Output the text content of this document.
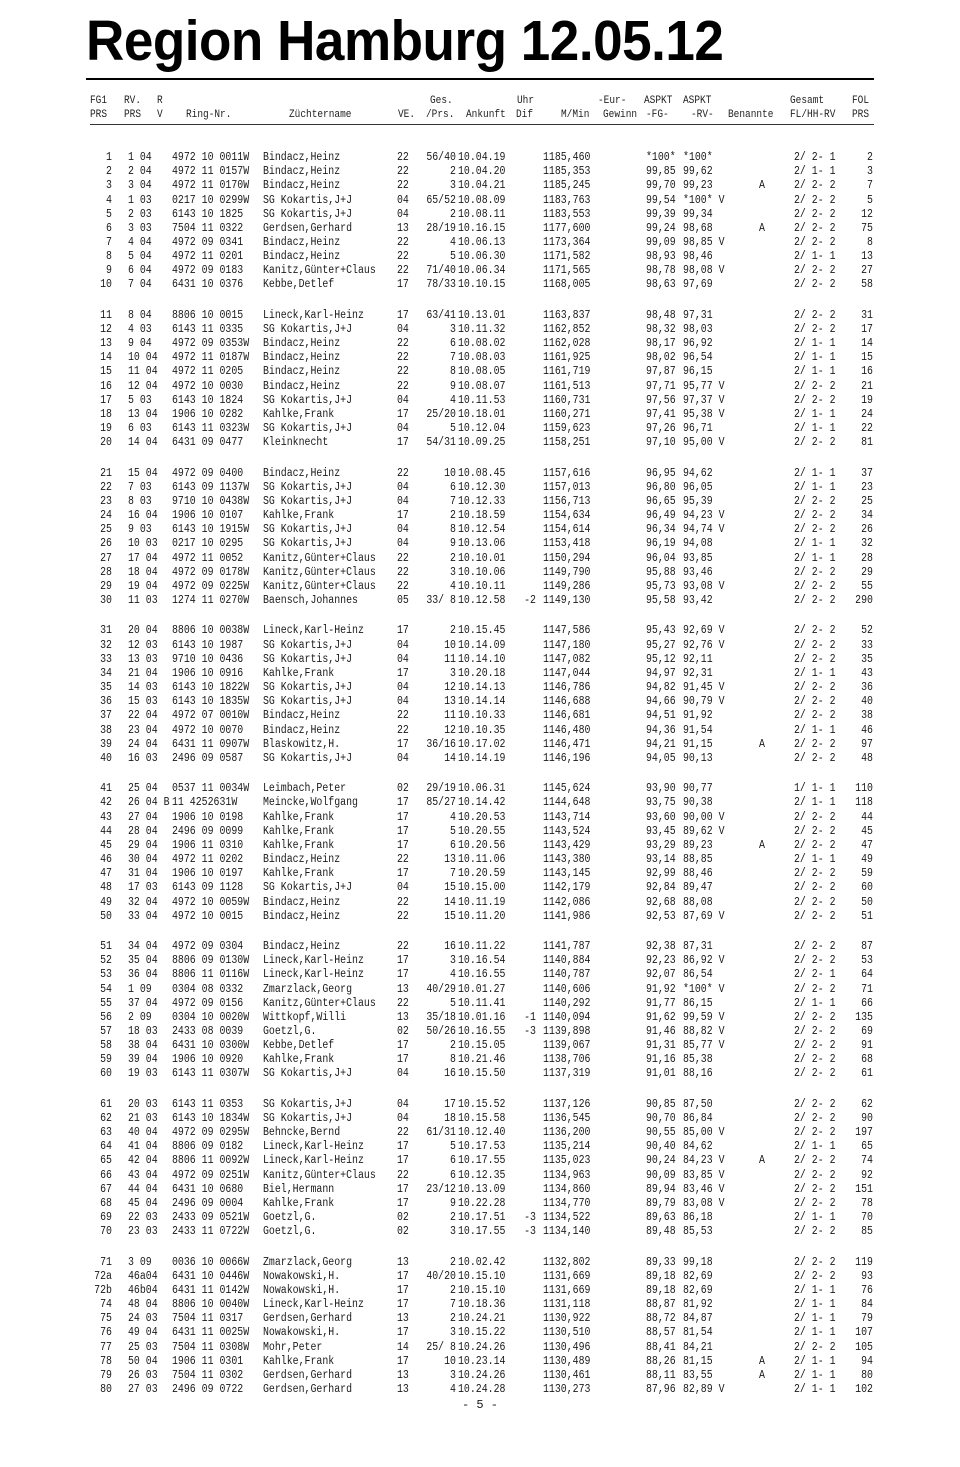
Region Hamburg 12.05.12
FG1 RV. R	Ges.	Uhr	-Eur- ASPKT ASPKT	Gesamt	FOL
PRS PRS V Ring-Nr.	Züchtername	VE. /Prs. Ankunft Dif	M/Min Gewinn -FG- -RV- Benannte FL/HH-RV PRS
1 1 04 4972 10 0011W Bindacz,Heinz	22	56/40 10.04.19	1185,460	*100* *100*	2/ 2- 1	2
2 2 04 4972 11 0157W Bindacz,Heinz	22	2 10.04.20	1185,353	99,85 99,62	2/ 1- 1	3
3 3 04 4972 11 0170W Bindacz,Heinz	22	3 10.04.21	1185,245	99,70 99,23	A	2/ 2- 2	7
4 1 03 0217 10 0299W SG Kokartis,J+J	04	65/52 10.08.09	1183,763	99,54 *100* V	2/ 2- 2	5
5 2 03 6143 10 1825 SG Kokartis,J+J	04	2 10.08.11	1183,553	99,39 99,34	2/ 2- 2	12
6 3 03 7504 11 0322 Gerdsen,Gerhard	13	28/19 10.16.15	1177,600	99,24 98,68	A	2/ 2- 2	75
7 4 04 4972 09 0341 Bindacz,Heinz	22	4 10.06.13	1173,364	99,09 98,85 V	2/ 2- 2	8
8 5 04 4972 11 0201 Bindacz,Heinz	22	5 10.06.30	1171,582	98,93 98,46	2/ 1- 1	13
9 6 04 4972 09 0183 Kanitz,Günter+Claus 22	71/40 10.06.34	1171,565	98,78 98,08 V	2/ 2- 2	27
10 7 04 6431 10 0376 Kebbe,Detlef	17	78/33 10.10.15	1168,005	98,63 97,69	2/ 2- 2	58
11 8 04 8806 10 0015 Lineck,Karl-Heinz	17	63/41 10.13.01	1163,837	98,48 97,31	2/ 2- 2	31
12 4 03 6143 11 0335 SG Kokartis,J+J	04	3 10.11.32	1162,852	98,32 98,03	2/ 2- 2	17
13 9 04 4972 09 0353W Bindacz,Heinz	22	6 10.08.02	1162,028	98,17 96,92	2/ 1- 1	14
14 10 04 4972 11 0187W Bindacz,Heinz	22	7 10.08.03	1161,925	98,02 96,54	2/ 1- 1	15
15 11 04 4972 11 0205 Bindacz,Heinz	22	8 10.08.05	1161,719	97,87 96,15	2/ 1- 1	16
16 12 04 4972 10 0030 Bindacz,Heinz	22	9 10.08.07	1161,513	97,71 95,77 V	2/ 2- 2	21
17 5 03 6143 10 1824 SG Kokartis,J+J	04	4 10.11.53	1160,731	97,56 97,37 V	2/ 2- 2	19
18 13 04 1906 10 0282 Kahlke,Frank	17	25/20 10.18.01	1160,271	97,41 95,38 V	2/ 1- 1	24
19 6 03 6143 11 0323W SG Kokartis,J+J	04	5 10.12.04	1159,623	97,26 96,71	2/ 1- 1	22
20 14 04 6431 09 0477 Kleinknecht	17	54/31 10.09.25	1158,251	97,10 95,00 V	2/ 2- 2	81
21 15 04 4972 09 0400 Bindacz,Heinz	22	10 10.08.45	1157,616	96,95 94,62	2/ 1- 1	37
22 7 03 6143 09 1137W SG Kokartis,J+J	04	6 10.12.30	1157,013	96,80 96,05	2/ 1- 1	23
23 8 03 9710 10 0438W SG Kokartis,J+J	04	7 10.12.33	1156,713	96,65 95,39	2/ 2- 2	25
24 16 04 1906 10 0107 Kahlke,Frank	17	2 10.18.59	1154,634	96,49 94,23 V	2/ 2- 2	34
25 9 03 6143 10 1915W SG Kokartis,J+J	04	8 10.12.54	1154,614	96,34 94,74 V	2/ 2- 2	26
26 10 03 0217 10 0295 SG Kokartis,J+J	04	9 10.13.06	1153,418	96,19 94,08	2/ 1- 1	32
27 17 04 4972 11 0052 Kanitz,Günter+Claus 22	2 10.10.01	1150,294	96,04 93,85	2/ 1- 1	28
28 18 04 4972 09 0178W Kanitz,Günter+Claus 22	3 10.10.06	1149,790	95,88 93,46	2/ 2- 2	29
29 19 04 4972 09 0225W Kanitz,Günter+Claus 22	4 10.10.11	1149,286	95,73 93,08 V	2/ 2- 2	55
30 11 03 1274 11 0270W Baensch,Johannes	05	33/ 8 10.12.58	-2 1149,130	95,58 93,42	2/ 2- 2	290
31 20 04 8806 10 0038W Lineck,Karl-Heinz	17	2 10.15.45	1147,586	95,43 92,69 V	2/ 2- 2	52
32 12 03 6143 10 1987 SG Kokartis,J+J	04	10 10.14.09	1147,180	95,27 92,76 V	2/ 2- 2	33
33 13 03 9710 10 0436 SG Kokartis,J+J	04	11 10.14.10	1147,082	95,12 92,11	2/ 2- 2	35
34 21 04 1906 10 0916 Kahlke,Frank	17	3 10.20.18	1147,044	94,97 92,31	2/ 1- 1	43
35 14 03 6143 10 1822W SG Kokartis,J+J	04	12 10.14.13	1146,786	94,82 91,45 V	2/ 2- 2	36
36 15 03 6143 10 1835W SG Kokartis,J+J	04	13 10.14.14	1146,688	94,66 90,79 V	2/ 2- 2	40
37 22 04 4972 07 0010W Bindacz,Heinz	22	11 10.10.33	1146,681	94,51 91,92	2/ 2- 2	38
38 23 04 4972 10 0070 Bindacz,Heinz	22	12 10.10.35	1146,480	94,36 91,54	2/ 1- 1	46
39 24 04 6431 11 0907W Blaskowitz,H.	17	36/16 10.17.02	1146,471	94,21 91,15	A	2/ 2- 2	97
40 16 03 2496 09 0587 SG Kokartis,J+J	04	14 10.14.19	1146,196	94,05 90,13	2/ 2- 2	48
41 25 04 0537 11 0034W Leimbach,Peter	02	29/19 10.06.31	1145,624	93,90 90,77	1/ 1- 1	110
42 26 04 B 11 4252631W Meincke,Wolfgang	17	85/27 10.14.42	1144,648	93,75 90,38	2/ 1- 1	118
43 27 04 1906 10 0198 Kahlke,Frank	17	4 10.20.53	1143,714	93,60 90,00 V	2/ 2- 2	44
44 28 04 2496 09 0099 Kahlke,Frank	17	5 10.20.55	1143,524	93,45 89,62 V	2/ 2- 2	45
45 29 04 1906 11 0310 Kahlke,Frank	17	6 10.20.56	1143,429	93,29 89,23	A	2/ 2- 2	47
46 30 04 4972 11 0202 Bindacz,Heinz	22	13 10.11.06	1143,380	93,14 88,85	2/ 1- 1	49
47 31 04 1906 10 0197 Kahlke,Frank	17	7 10.20.59	1143,145	92,99 88,46	2/ 2- 2	59
48 17 03 6143 09 1128 SG Kokartis,J+J	04	15 10.15.00	1142,179	92,84 89,47	2/ 2- 2	60
49 32 04 4972 10 0059W Bindacz,Heinz	22	14 10.11.19	1142,086	92,68 88,08	2/ 2- 2	50
50 33 04 4972 10 0015 Bindacz,Heinz	22	15 10.11.20	1141,986	92,53 87,69 V	2/ 2- 2	51
51 34 04 4972 09 0304 Bindacz,Heinz	22	16 10.11.22	1141,787	92,38 87,31	2/ 2- 2	87
52 35 04 8806 09 0130W Lineck,Karl-Heinz	17	3 10.16.54	1140,884	92,23 86,92 V	2/ 2- 2	53
53 36 04 8806 11 0116W Lineck,Karl-Heinz	17	4 10.16.55	1140,787	92,07 86,54	2/ 2- 1	64
54 1 09 0304 08 0332 Zmarzlack,Georg	13	40/29 10.01.27	1140,606	91,92 *100* V	2/ 2- 2	71
55 37 04 4972 09 0156 Kanitz,Günter+Claus 22	5 10.11.41	1140,292	91,77 86,15	2/ 1- 1	66
56 2 09 0304 10 0020W Wittkopf,Willi	13	35/18 10.01.16	-1 1140,094	91,62 99,59 V	2/ 2- 2	135
57 18 03 2433 08 0039 Goetzl,G.	02	50/26 10.16.55	-3 1139,898	91,46 88,82 V	2/ 2- 2	69
58 38 04 6431 10 0300W Kebbe,Detlef	17	2 10.15.05	1139,067	91,31 85,77 V	2/ 2- 2	91
59 39 04 1906 10 0920 Kahlke,Frank	17	8 10.21.46	1138,706	91,16 85,38	2/ 2- 2	68
60 19 03 6143 11 0307W SG Kokartis,J+J	04	16 10.15.50	1137,319	91,01 88,16	2/ 2- 2	61
61 20 03 6143 11 0353 SG Kokartis,J+J	04	17 10.15.52	1137,126	90,85 87,50	2/ 2- 2	62
62 21 03 6143 10 1834W SG Kokartis,J+J	04	18 10.15.58	1136,545	90,70 86,84	2/ 2- 2	90
63 40 04 4972 09 0295W Behncke,Bernd	22	61/31 10.12.40	1136,200	90,55 85,00 V	2/ 2- 2	197
64 41 04 8806 09 0182 Lineck,Karl-Heinz	17	5 10.17.53	1135,214	90,40 84,62	2/ 1- 1	65
65 42 04 8806 11 0092W Lineck,Karl-Heinz	17	6 10.17.55	1135,023	90,24 84,23 V	A	2/ 2- 2	74
66 43 04 4972 09 0251W Kanitz,Günter+Claus 22	6 10.12.35	1134,963	90,09 83,85 V	2/ 2- 2	92
67 44 04 6431 10 0680 Biel,Hermann	17	23/12 10.13.09	1134,860	89,94 83,46 V	2/ 2- 2	151
68 45 04 2496 09 0004 Kahlke,Frank	17	9 10.22.28	1134,770	89,79 83,08 V	2/ 2- 2	78
69 22 03 2433 09 0521W Goetzl,G.	02	2 10.17.51	-3 1134,522	89,63 86,18	2/ 1- 1	70
70 23 03 2433 11 0722W Goetzl,G.	02	3 10.17.55	-3 1134,140	89,48 85,53	2/ 2- 2	85
71 3 09 0036 10 0066W Zmarzlack,Georg	13	2 10.02.42	1132,802	89,33 99,18	2/ 2- 2	119
72a 46a04 6431 10 0446W Nowakowski,H.	17	40/20 10.15.10	1131,669	89,18 82,69	2/ 2- 2	93
72b 46b04 6431 11 0142W Nowakowski,H.	17	2 10.15.10	1131,669	89,18 82,69	2/ 1- 1	76
74 48 04 8806 10 0040W Lineck,Karl-Heinz	17	7 10.18.36	1131,118	88,87 81,92	2/ 1- 1	84
75 24 03 7504 11 0317 Gerdsen,Gerhard	13	2 10.24.21	1130,922	88,72 84,87	2/ 1- 1	79
76 49 04 6431 11 0025W Nowakowski,H.	17	3 10.15.22	1130,510	88,57 81,54	2/ 1- 1	107
77 25 03 7504 11 0308W Mohr,Peter	14	25/ 8 10.24.26	1130,496	88,41 84,21	2/ 2- 2	105
78 50 04 1906 11 0301 Kahlke,Frank	17	10 10.23.14	1130,489	88,26 81,15	A	2/ 1- 1	94
79 26 03 7504 11 0302 Gerdsen,Gerhard	13	3 10.24.26	1130,461	88,11 83,55	A	2/ 1- 1	80
80 27 03 2496 09 0722 Gerdsen,Gerhard	13	4 10.24.28	1130,273	87,96 82,89 V	2/ 1- 1	102
- 5 -
